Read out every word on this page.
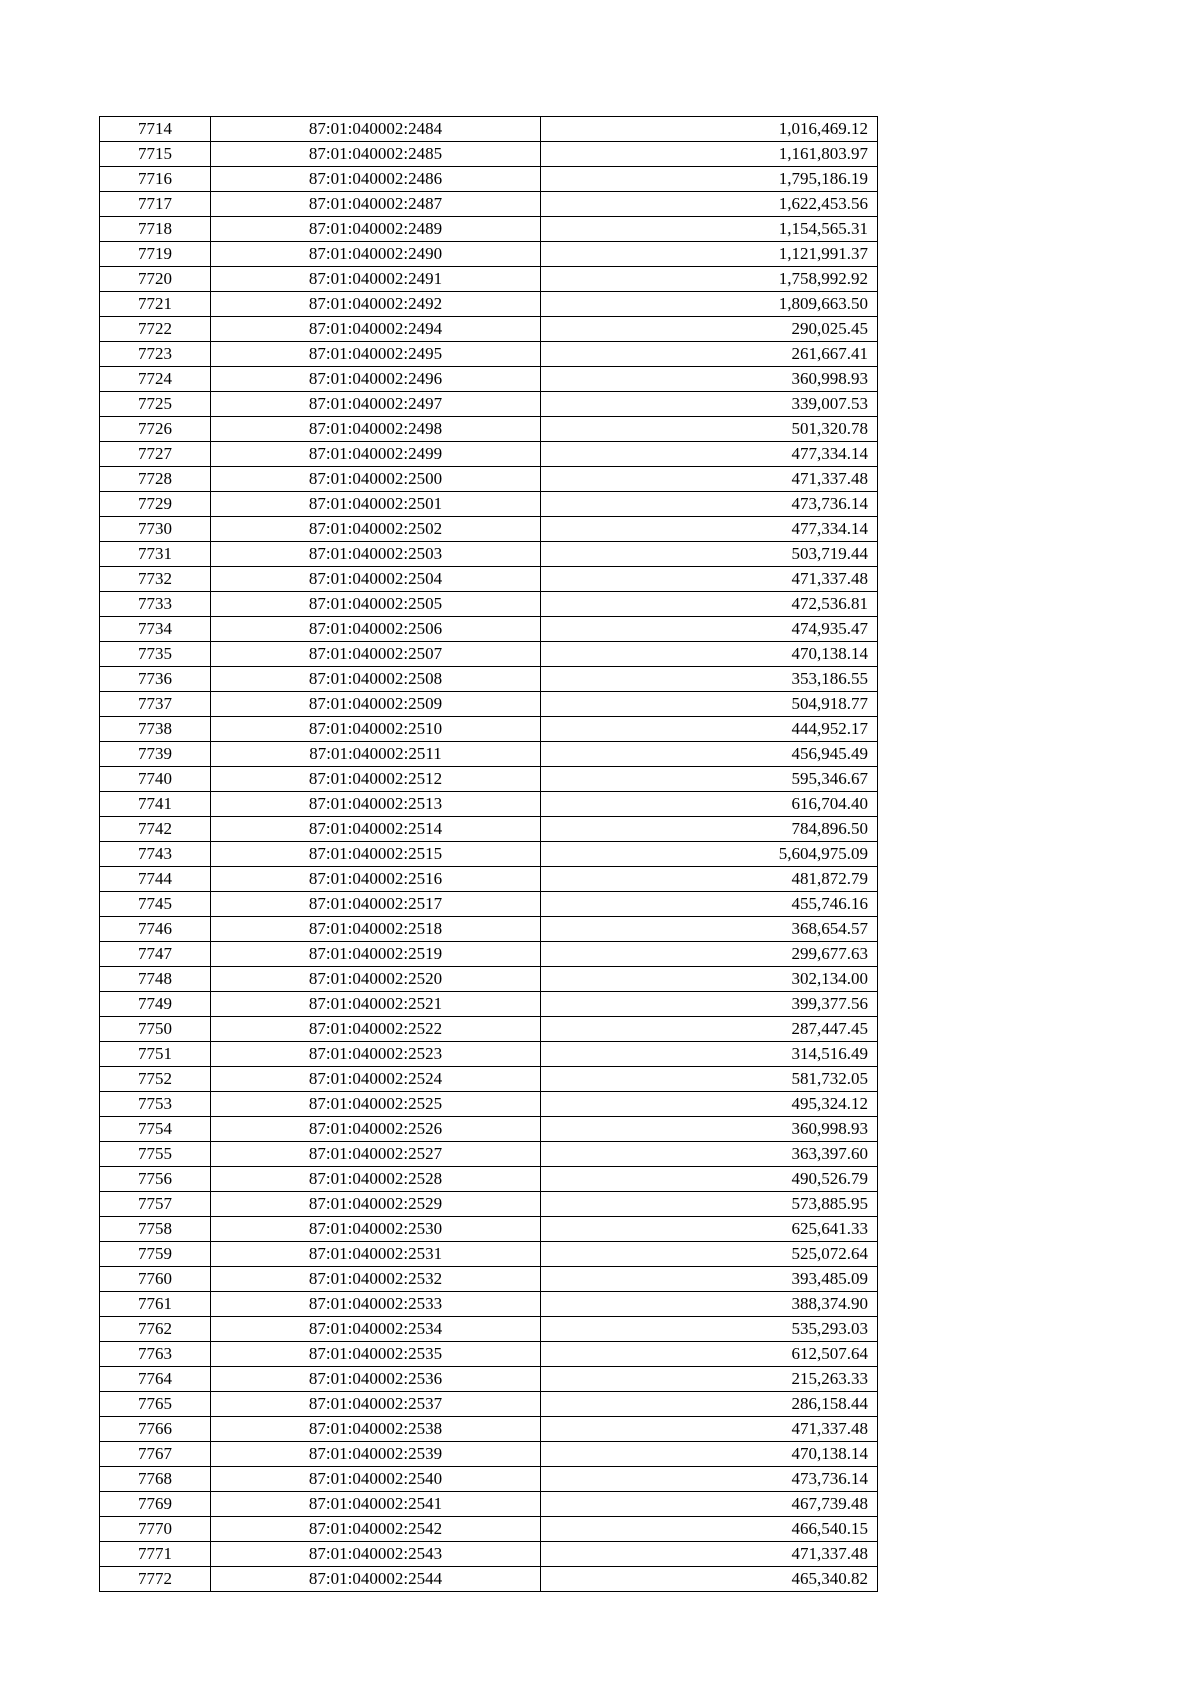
7714	87:01:040002:2484	1,016,469.12
7715	87:01:040002:2485	1,161,803.97
7716	87:01:040002:2486	1,795,186.19
7717	87:01:040002:2487	1,622,453.56
7718	87:01:040002:2489	1,154,565.31
7719	87:01:040002:2490	1,121,991.37
7720	87:01:040002:2491	1,758,992.92
7721	87:01:040002:2492	1,809,663.50
7722	87:01:040002:2494	290,025.45
7723	87:01:040002:2495	261,667.41
7724	87:01:040002:2496	360,998.93
7725	87:01:040002:2497	339,007.53
7726	87:01:040002:2498	501,320.78
7727	87:01:040002:2499	477,334.14
7728	87:01:040002:2500	471,337.48
7729	87:01:040002:2501	473,736.14
7730	87:01:040002:2502	477,334.14
7731	87:01:040002:2503	503,719.44
7732	87:01:040002:2504	471,337.48
7733	87:01:040002:2505	472,536.81
7734	87:01:040002:2506	474,935.47
7735	87:01:040002:2507	470,138.14
7736	87:01:040002:2508	353,186.55
7737	87:01:040002:2509	504,918.77
7738	87:01:040002:2510	444,952.17
7739	87:01:040002:2511	456,945.49
7740	87:01:040002:2512	595,346.67
7741	87:01:040002:2513	616,704.40
7742	87:01:040002:2514	784,896.50
7743	87:01:040002:2515	5,604,975.09
7744	87:01:040002:2516	481,872.79
7745	87:01:040002:2517	455,746.16
7746	87:01:040002:2518	368,654.57
7747	87:01:040002:2519	299,677.63
7748	87:01:040002:2520	302,134.00
7749	87:01:040002:2521	399,377.56
7750	87:01:040002:2522	287,447.45
7751	87:01:040002:2523	314,516.49
7752	87:01:040002:2524	581,732.05
7753	87:01:040002:2525	495,324.12
7754	87:01:040002:2526	360,998.93
7755	87:01:040002:2527	363,397.60
7756	87:01:040002:2528	490,526.79
7757	87:01:040002:2529	573,885.95
7758	87:01:040002:2530	625,641.33
7759	87:01:040002:2531	525,072.64
7760	87:01:040002:2532	393,485.09
7761	87:01:040002:2533	388,374.90
7762	87:01:040002:2534	535,293.03
7763	87:01:040002:2535	612,507.64
7764	87:01:040002:2536	215,263.33
7765	87:01:040002:2537	286,158.44
7766	87:01:040002:2538	471,337.48
7767	87:01:040002:2539	470,138.14
7768	87:01:040002:2540	473,736.14
7769	87:01:040002:2541	467,739.48
7770	87:01:040002:2542	466,540.15
7771	87:01:040002:2543	471,337.48
7772	87:01:040002:2544	465,340.82
